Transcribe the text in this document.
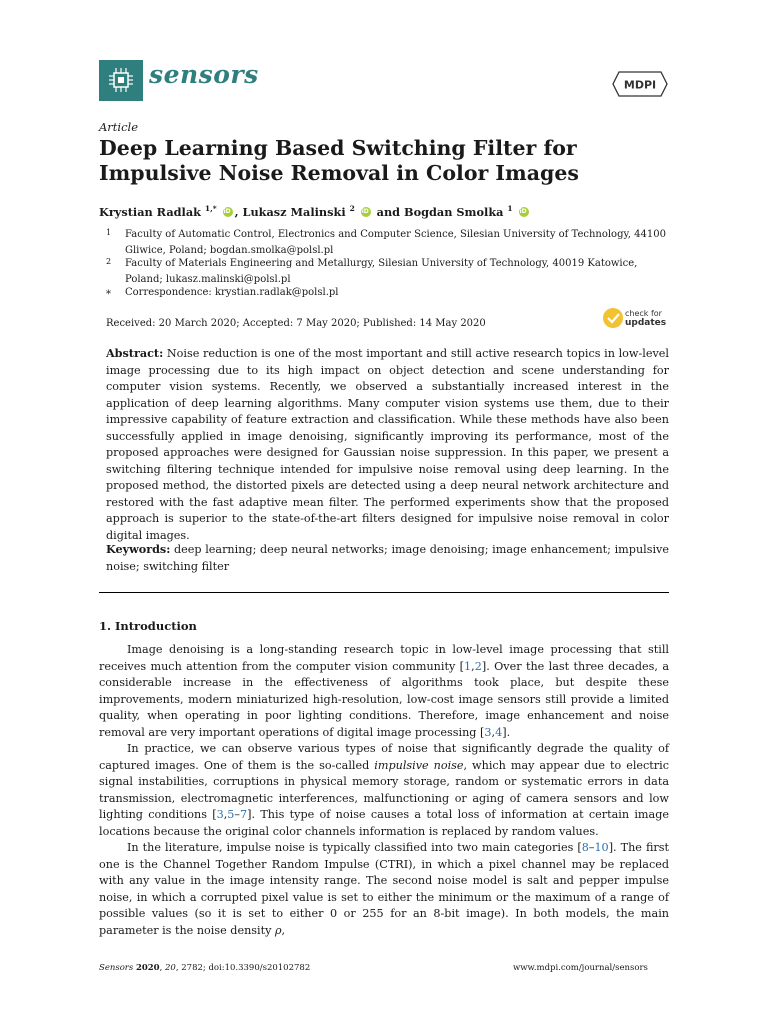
sensors	MDPI
Article
Deep Learning Based Switching Filter for Impulsive Noise Removal in Color Images
Krystian Radlak $^{1,*}$ iD , Lukasz Malinski $^2$ iD and Bogdan Smolka $^1$ iD
1 Faculty of Automatic Control, Electronics and Computer Science, Silesian University of Technology, 44100 Gliwice, Poland; bogdan.smolka@polsl.pl
2 Faculty of Materials Engineering and Metallurgy, Silesian University of Technology, 40019 Katowice, Poland; lukasz.malinski@polsl.pl
* Correspondence: krystian.radlak@polsl.pl
Received: 20 March 2020; Accepted: 7 May 2020; Published: 14 May 2020
check for
updates
Abstract: Noise reduction is one of the most important and still active research topics in low-level image processing due to its high impact on object detection and scene understanding for computer vision systems. Recently, we observed a substantially increased interest in the application of deep learning algorithms. Many computer vision systems use them, due to their impressive capability of feature extraction and classification. While these methods have also been successfully applied in image denoising, significantly improving its performance, most of the proposed approaches were designed for Gaussian noise suppression. In this paper, we present a switching filtering technique intended for impulsive noise removal using deep learning. In the proposed method, the distorted pixels are detected using a deep neural network architecture and restored with the fast adaptive mean filter. The performed experiments show that the proposed approach is superior to the state-of-the-art filters designed for impulsive noise removal in color digital images.
Keywords: deep learning; deep neural networks; image denoising; image enhancement; impulsive noise; switching filter
1. Introduction

Image denoising is a long-standing research topic in low-level image processing that still receives much attention from the computer vision community [1,2]. Over the last three decades, a considerable increase in the effectiveness of algorithms took place, but despite these improvements, modern miniaturized high-resolution, low-cost image sensors still provide a limited quality, when operating in poor lighting conditions. Therefore, image enhancement and noise removal are very important operations of digital image processing [3,4].

In practice, we can observe various types of noise that significantly degrade the quality of captured images. One of them is the so-called impulsive noise, which may appear due to electric signal instabilities, corruptions in physical memory storage, random or systematic errors in data transmission, electromagnetic interferences, malfunctioning or aging of camera sensors and low lighting conditions [3,5–7]. This type of noise causes a total loss of information at certain image locations because the original color channels information is replaced by random values.

In the literature, impulse noise is typically classified into two main categories [8–10]. The first one is the Channel Together Random Impulse (CTRI), in which a pixel channel may be replaced with any value in the image intensity range. The second noise model is salt and pepper impulse noise, in which a corrupted pixel value is set to either the minimum or the maximum of a range of possible values (so it is set to either 0 or 255 for an 8-bit image). In both models, the main parameter is the noise density ρ,

Sensors 2020, 20, 2782; doi:10.3390/s20102782	www.mdpi.com/journal/sensors
